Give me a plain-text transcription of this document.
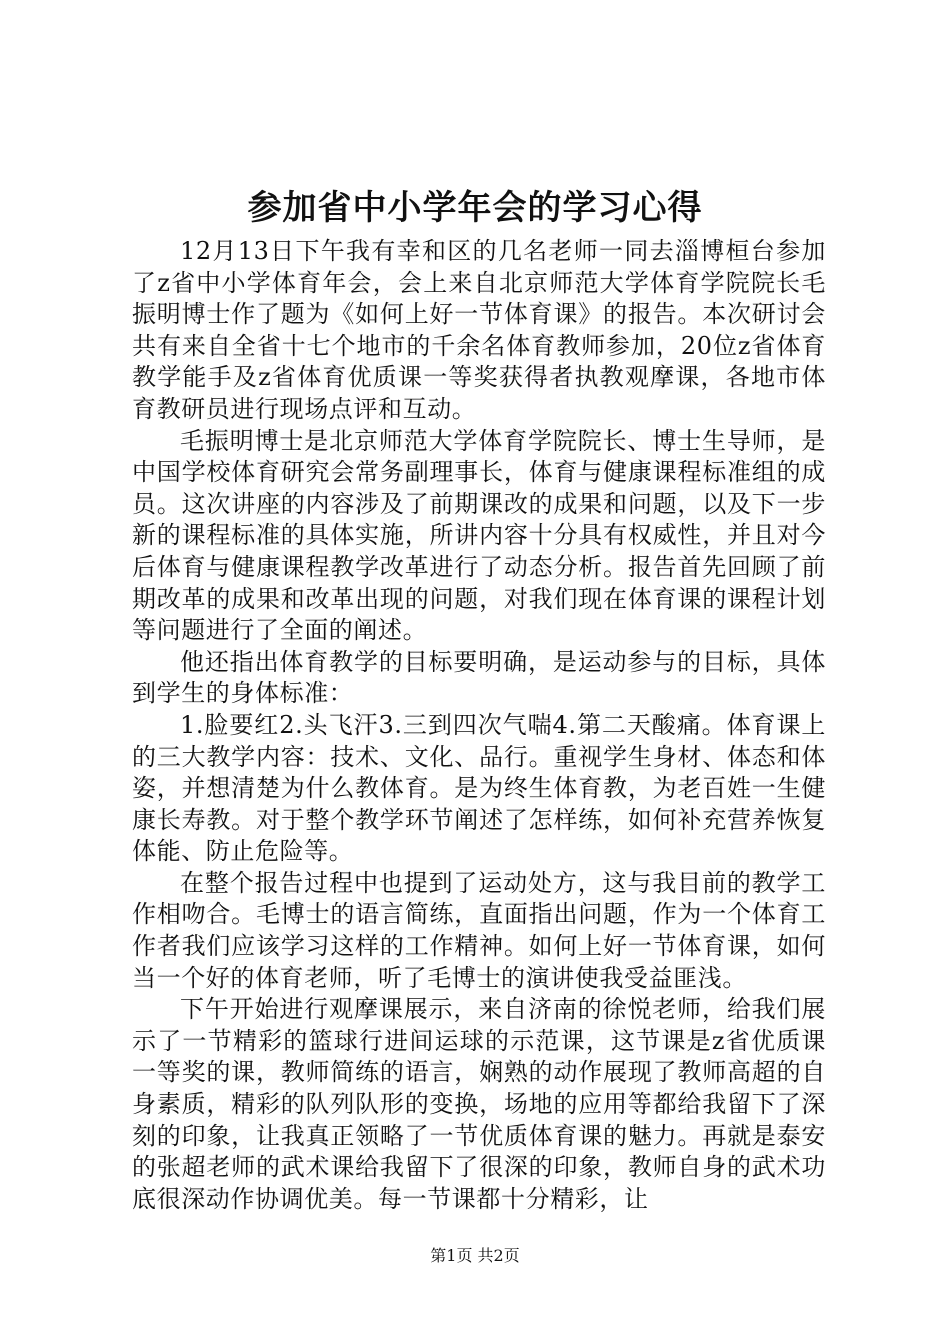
参加省中小学年会的学习心得

12月13日下午我有幸和区的几名老师一同去淄博桓台参加了z省中小学体育年会，会上来自北京师范大学体育学院院长毛振明博士作了题为《如何上好一节体育课》的报告。本次研讨会共有来自全省十七个地市的千余名体育教师参加，20位z省体育教学能手及z省体育优质课一等奖获得者执教观摩课，各地市体育教研员进行现场点评和互动。

毛振明博士是北京师范大学体育学院院长、博士生导师，是中国学校体育研究会常务副理事长，体育与健康课程标准组的成员。这次讲座的内容涉及了前期课改的成果和问题，以及下一步新的课程标准的具体实施，所讲内容十分具有权威性，并且对今后体育与健康课程教学改革进行了动态分析。报告首先回顾了前期改革的成果和改革出现的问题，对我们现在体育课的课程计划等问题进行了全面的阐述。

他还指出体育教学的目标要明确，是运动参与的目标，具体到学生的身体标准：

1.脸要红2.头飞汗3.三到四次气喘4.第二天酸痛。体育课上的三大教学内容：技术、文化、品行。重视学生身材、体态和体姿，并想清楚为什么教体育。是为终生体育教，为老百姓一生健康长寿教。对于整个教学环节阐述了怎样练，如何补充营养恢复体能、防止危险等。

在整个报告过程中也提到了运动处方，这与我目前的教学工作相吻合。毛博士的语言简练，直面指出问题，作为一个体育工作者我们应该学习这样的工作精神。如何上好一节体育课，如何当一个好的体育老师，听了毛博士的演讲使我受益匪浅。

下午开始进行观摩课展示，来自济南的徐悦老师，给我们展示了一节精彩的篮球行进间运球的示范课，这节课是z省优质课一等奖的课，教师简练的语言，娴熟的动作展现了教师高超的自身素质，精彩的队列队形的变换，场地的应用等都给我留下了深刻的印象，让我真正领略了一节优质体育课的魅力。再就是泰安的张超老师的武术课给我留下了很深的印象，教师自身的武术功底很深动作协调优美。每一节课都十分精彩，让

第1页 共2页
